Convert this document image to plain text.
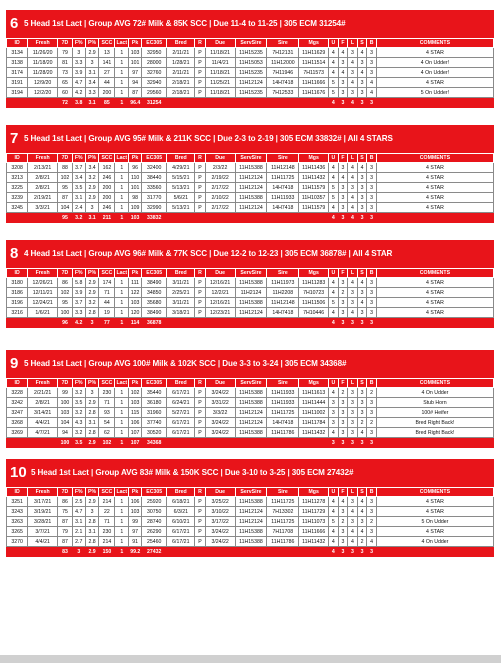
6 5 Head 1st Lact | Group AVG 72# Milk & 85K SCC | Due 11-4 to 11-25 | 305 ECM 31254#
ID	Fresh	7D	F%	P%	SCC	Lact	Pk	EC305	Bred	R	Due	ServSire	Sire	Mgs	U	F	L	S	B	COMMENTS
3134	11/26/20	79	3	2.9	13	1	103	32950	2/11/21	P	11/18/21	11H15235	7H12131	11H11629	4	4	3	4	3	4 STAR
3138	11/18/20	81	3.3	3	141	1	101	28000	1/28/21	P	11/4/21	11H15053	11H12000	11H11514	4	3	4	3	3	4 On Udder!
3174	11/28/20	73	3.9	3.1	27	1	97	32760	2/11/21	P	11/18/21	11H15235	7H11946	7H11573	4	4	3	4	3	4 On Udder!
3191	12/9/20	65	4.7	3.4	44	1	94	32940	2/18/21	P	11/25/21	11H12124	14H7418	11H11666	5	3	4	3	4	4 STAR
3194	12/2/20	60	4.2	3.3	200	1	87	29560	2/18/21	P	11/18/21	11H15235	7H12533	11H11676	5	3	3	3	4	5 On Udder!
		72	3.8	3.1	85	1	96.4	31254							4	3	4	3	3	
7 5 Head 1st Lact | Group AVG 95# Milk & 211K SCC | Due 2-3 to 2-19 | 305 ECM 33832# | All 4 STARS
ID	Fresh	7D	F%	P%	SCC	Lact	Pk	EC305	Bred	R	Due	ServSire	Sire	Mgs	U	F	L	S	B	COMMENTS
3208	2/13/21	88	3.7	3.4	162	1	96	32400	4/29/21	P	2/3/22	11H15388	11H12148	11H11436	4	3	4	4	3	4 STAR
3213	2/8/21	102	3.4	3.2	246	1	110	38440	5/15/21	P	2/19/22	11H12124	11H11725	11H11432	4	4	4	3	3	4 STAR
3225	2/8/21	95	3.5	2.9	200	1	101	33560	5/13/21	P	2/17/22	11H12124	14H7418	11H11579	5	3	3	3	3	4 STAR
3239	2/19/21	87	3.1	2.9	200	1	98	31770	5/6/21	P	2/10/22	11H15388	11H11933	11H10357	5	3	4	3	3	4 STAR
3245	3/3/21	104	2.4	3	246	1	109	32990	5/13/21	P	2/17/22	11H12124	14H7418	11H11579	4	3	4	3	3	4 STAR
		95	3.2	3.1	211	1	103	33832							4	3	4	3	3	
8 4 Head 1st Lact | Group AVG 96# Milk & 77K SCC | Due 12-2 to 12-23 | 305 ECM 36878# | All 4 STAR
ID	Fresh	7D	F%	P%	SCC	Lact	Pk	EC305	Bred	R	Due	ServSire	Sire	Mgs	U	F	L	S	B	COMMENTS
3180	12/26/21	86	5.8	2.9	174	1	111	38490	3/11/21	P	12/16/21	11H15388	11H11973	11H11283	4	3	4	4	3	4 STAR
3186	12/11/21	102	3.9	2.9	71	1	122	34850	2/25/21	P	12/2/21	11H2124	11H2208	7H10723	4	2	3	3	3	4 STAR
3196	12/24/21	95	3.7	3.2	44	1	103	35680	3/11/21	P	12/16/21	11H15388	11H12148	11H11506	5	3	3	4	3	4 STAR
3216	1/6/21	100	3.3	2.8	19	1	120	38490	3/18/21	P	12/23/21	11H12124	14H7418	7H10446	4	3	4	3	3	4 STAR
		96	4.2	3	77	1	114	36878							4	3	3	3	3	
9 5 Head 1st Lact | Group AVG 100# Milk & 102K SCC | Due 3-3 to 3-24 | 305 ECM 34368#
ID	Fresh	7D	F%	P%	SCC	Lact	Pk	EC305	Bred	R	Due	ServSire	Sire	Mgs	U	F	L	S	B	COMMENTS
3228	2/21/21	99	3.2	3	230	1	102	35440	6/17/21	P	3/24/22	11H15388	11H11933	11H11613	4	2	3	3	2	4 On Udder
3242	2/8/21	100	3.5	2.9	71	1	103	36180	6/24/21	P	3/31/22	11H15388	11H11933	11H11444	3	3	3	3	3	Stub Horn
3247	3/14/21	103	3.2	2.8	93	1	115	31960	5/27/21	P	3/3/22	11H12124	11H11725	11H11002	3	3	3	3	3	100# Heifer
3268	4/4/21	104	4.3	3.1	54	1	106	37740	6/17/21	P	3/24/22	11H12124	14H7418	11H11784	3	3	3	2	2	Bred Right Back!
3269	4/7/21	94	3.2	2.8	62	1	107	30520	6/17/21	P	3/24/22	11H15388	11H11786	11H11432	4	3	3	4	3	Bred Right Back!
		100	3.5	2.9	102	1	107	34368							3	3	3	3	3	
10 5 Head 1st Lact | Group AVG 83# Milk & 150K SCC | Due 3-10 to 3-25 | 305 ECM 27432#
ID	Fresh	7D	F%	P%	SCC	Lact	Pk	EC305	Bred	R	Due	ServSire	Sire	Mgs	U	F	L	S	B	COMMENTS
3251	3/17/21	86	2.5	2.9	214	1	106	25920	6/18/21	P	3/25/22	11H15388	11H11725	11H11278	4	4	3	4	3	4 STAR
3243	3/19/21	75	4.7	3	22	1	103	30750	6/3/21	P	3/10/22	11H12124	7H13302	11H11729	4	3	4	4	3	4 STAR
3263	3/28/21	87	3.1	2.8	71	1	99	28740	6/10/21	P	3/17/22	11H12124	11H11725	11H11073	5	2	3	3	2	5 On Udder
3265	3/7/21	79	2.1	3.1	230	1	97	26290	6/17/21	P	3/24/22	11H15388	7H11708	11H11666	4	3	4	4	3	4 STAR
3270	4/4/21	87	2.7	2.8	214	1	91	25460	6/17/21	P	3/24/22	11H15388	11H11786	11H11432	4	3	4	2	4	4 On Udder
		83	3	2.9	150	1	99.2	27432							4	3	3	3	3	
